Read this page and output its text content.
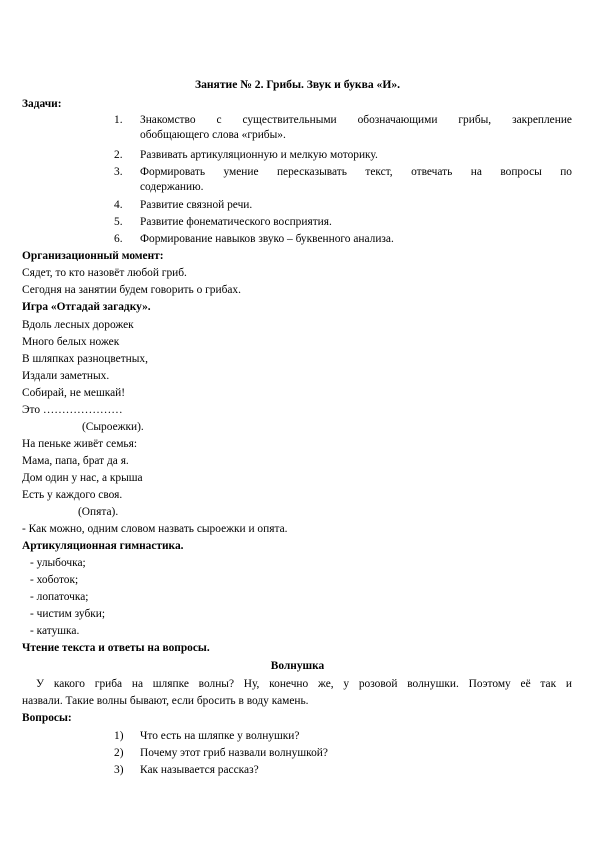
Занятие № 2. Грибы. Звук и буква «И».
Задачи:
1.	Знакомство с существительными обозначающими грибы, закрепление
обобщающего слова «грибы».
2.	Развивать артикуляционную и мелкую моторику.
3.	Формировать умение пересказывать текст, отвечать на вопросы по
содержанию.
4.	Развитие связной речи.
5.	Развитие фонематического восприятия.
6.	Формирование навыков звуко – буквенного анализа.
Организационный момент:
Сядет, то кто назовёт любой гриб.
Сегодня на занятии будем говорить о грибах.
Игра «Отгадай загадку».
Вдоль лесных дорожек
Много белых ножек
В шляпках разноцветных,
Издали заметных.
Собирай, не мешкай!
Это …………………
(Сыроежки).
На пеньке живёт семья:
Мама, папа, брат да я.
Дом один у нас, а крыша
Есть у каждого своя.
(Опята).
- Как можно, одним словом назвать сыроежки и опята.
Артикуляционная гимнастика.
- улыбочка;
- хоботок;
- лопаточка;
- чистим зубки;
- катушка.
Чтение текста и ответы на вопросы.
Волнушка
У какого гриба на шляпке волны? Ну, конечно же, у розовой волнушки. Поэтому её так и
назвали. Такие волны бывают, если бросить в воду камень.
Вопросы:
1)	Что есть на шляпке у волнушки?
2)	Почему этот гриб назвали волнушкой?
3)	Как называется рассказ?
